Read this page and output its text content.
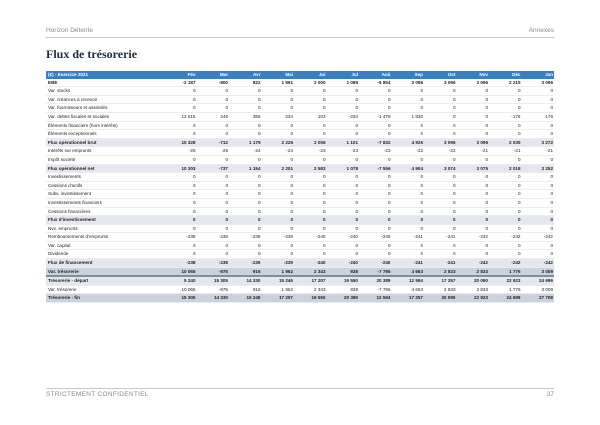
Horizon Détente	Annexes
Flux de trésorerie
(€) - Exercice 2021	Fév	Mar	Avr	Mai	Jui	Jul	Aoû	Sep	Oct	Nov	Déc	Jan
EBE	-2 187	-800	822	1 991	2 000	1 085	-6 854	3 096	3 096	3 096	2 215	3 096
Var. stocks	0	0	0	0	0	0	0	0	0	0	0	0
Var. créances à recevoir	0	0	0	0	0	0	0	0	0	0	0	0
Var. fournisseurs et assimilés	0	0	0	0	0	0	0	0	0	0	0	0
Var. dettes fiscales et sociales	12 515	246	356	234	103	-234	-1 478	1 830	0	0	-176	176
Éléments financiers (hors intérêts)	0	0	0	0	0	0	0	0	0	0	0	0
Éléments exceptionnels	0	0	0	0	0	0	0	0	0	0	0	0
Flux opérationnel brut	10 328	-712	1 179	2 225	2 006	1 101	-7 832	4 926	3 096	3 096	2 039	3 272
Intérêts sur emprunts	-25	-25	-24	-24	-23	-23	-23	-22	-22	-21	-21	-21
Impôt société	0	0	0	0	0	0	0	0	0	0	0	0
Flux opérationnel net	10 303	-737	1 154	2 201	2 583	1 078	-7 556	4 904	3 074	3 075	2 018	3 252
Investissements	0	0	0	0	0	0	0	0	0	0	0	0
Cessions d'actifs	0	0	0	0	0	0	0	0	0	0	0	0
Subv. investissement	0	0	0	0	0	0	0	0	0	0	0	0
Investissements financiers	0	0	0	0	0	0	0	0	0	0	0	0
Cessions financières	0	0	0	0	0	0	0	0	0	0	0	0
Flux d'investissement	0	0	0	0	0	0	0	0	0	0	0	0
Nvx. emprunts	0	0	0	0	0	0	0	0	0	0	0	0
Remboursements d'emprunts	-238	-238	-239	-239	-240	-240	-240	-241	-241	-242	-242	-242
Var. capital	0	0	0	0	0	0	0	0	0	0	0	0
Dividende	0	0	0	0	0	0	0	0	0	0	0	0
Flux de financement	-238	-238	-239	-239	-240	-240	-240	-241	-241	-242	-242	-242
Var. trésorerie	10 065	-975	916	1 962	2 343	838	-7 795	4 663	2 833	2 833	1 776	3 009
Trésorerie - départ	5 240	15 305	14 330	15 246	17 207	19 550	20 389	12 594	17 257	20 090	22 923	24 699
Var. trésorerie	10 065	-975	916	1 962	2 343	839	-7 795	4 663	2 833	2 833	1 776	3 009
Trésorerie - fin	15 305	14 330	15 246	17 207	19 550	20 389	12 594	17 257	20 090	22 923	24 699	27 708
STRICTEMENT CONFIDENTIEL	37
